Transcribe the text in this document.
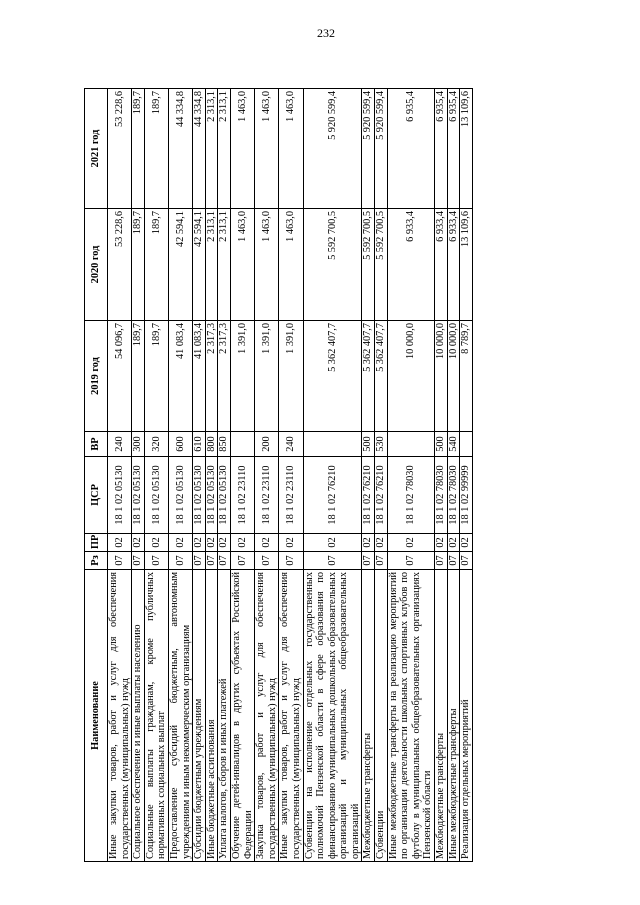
232
Наименование	Рз	ПР	ЦСР	ВР	2019 год	2020 год	2021 год
Иные закупки товаров, работ и услуг для обеспечения государственных (муниципальных) нужд	07	02	18 1 02 05130	240	54 096,7	53 228,6	53 228,6
Социальное обеспечение и иные выплаты населению	07	02	18 1 02 05130	300	189,7	189,7	189,7
Социальные выплаты гражданам, кроме публичных нормативных социальных выплат	07	02	18 1 02 05130	320	189,7	189,7	189,7
Предоставление субсидий бюджетным, автономным учреждениям и иным некоммерческим организациям	07	02	18 1 02 05130	600	41 083,4	42 594,1	44 334,8
Субсидии бюджетным учреждениям	07	02	18 1 02 05130	610	41 083,4	42 594,1	44 334,8
Иные бюджетные ассигнования	07	02	18 1 02 05130	800	2 317,3	2 313,1	2 313,1
Уплата налогов, сборов и иных платежей	07	02	18 1 02 05130	850	2 317,3	2 313,1	2 313,1
Обучение детей-инвалидов в других субъектах Российской Федерации	07	02	18 1 02 23110		1 391,0	1 463,0	1 463,0
Закупка товаров, работ и услуг для обеспечения государственных (муниципальных) нужд	07	02	18 1 02 23110	200	1 391,0	1 463,0	1 463,0
Иные закупки товаров, работ и услуг для обеспечения государственных (муниципальных) нужд	07	02	18 1 02 23110	240	1 391,0	1 463,0	1 463,0
Субвенции на исполнение отдельных государственных полномочий Пензенской области в сфере образования по финансированию муниципальных дошкольных образовательных организаций и муниципальных общеобразовательных организаций	07	02	18 1 02 76210		5 362 407,7	5 592 700,5	5 920 599,4
Межбюджетные трансферты	07	02	18 1 02 76210	500	5 362 407,7	5 592 700,5	5 920 599,4
Субвенции	07	02	18 1 02 76210	530	5 362 407,7	5 592 700,5	5 920 599,4
Иные межбюджетные трансферты на реализацию мероприятий по организации деятельности школьных спортивных клубов по футболу в муниципальных общеобразовательных организациях Пензенской области	07	02	18 1 02 78030		10 000,0	6 933,4	6 935,4
Межбюджетные трансферты	07	02	18 1 02 78030	500	10 000,0	6 933,4	6 935,4
Иные межбюджетные трансферты	07	02	18 1 02 78030	540	10 000,0	6 933,4	6 935,4
Реализация отдельных мероприятий	07	02	18 1 02 99999		8 789,7	13 109,6	13 109,6
